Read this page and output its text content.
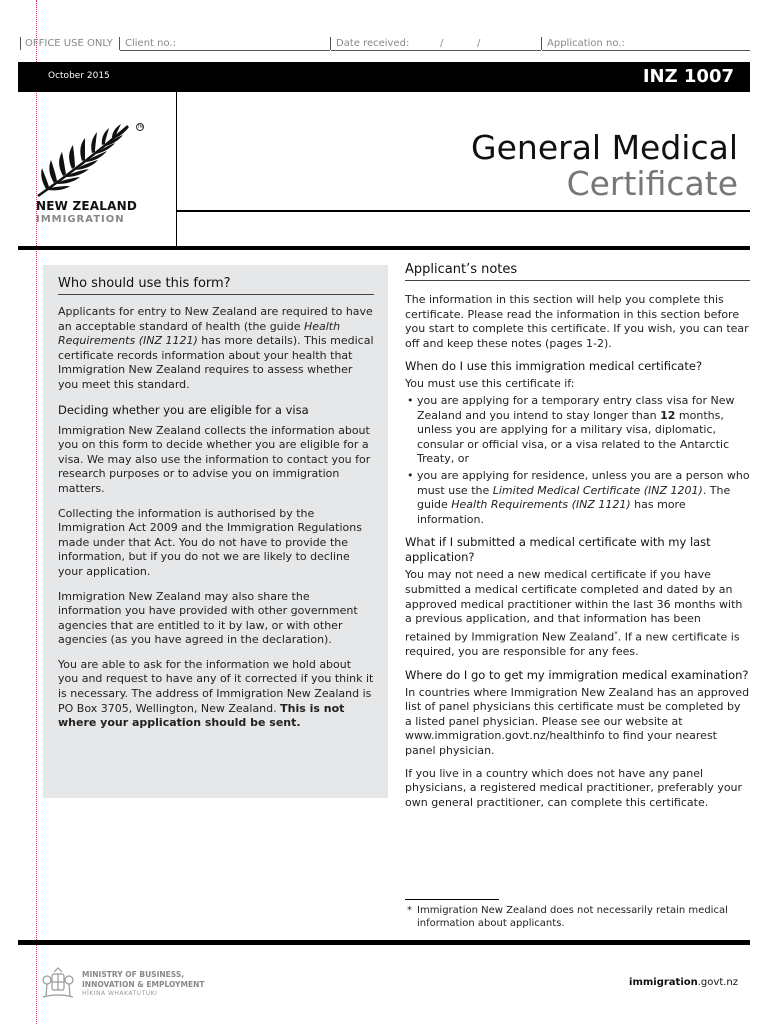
OFFICE USE ONLY Client no.:	Date received:	/	/	Application no.:
October 2015	INZ 1007
TM
NEW ZEALAND
IMMIGRATION
General Medical
Certificate
Who should use this form?

Applicants for entry to New Zealand are required to have an acceptable standard of health (the guide Health Requirements (INZ 1121) has more details). This medical certificate records information about your health that Immigration New Zealand requires to assess whether you meet this standard.

Deciding whether you are eligible for a visa

Immigration New Zealand collects the information about you on this form to decide whether you are eligible for a visa. We may also use the information to contact you for research purposes or to advise you on immigration matters.

Collecting the information is authorised by the Immigration Act 2009 and the Immigration Regulations made under that Act. You do not have to provide the information, but if you do not we are likely to decline your application.

Immigration New Zealand may also share the information you have provided with other government agencies that are entitled to it by law, or with other agencies (as you have agreed in the declaration).

You are able to ask for the information we hold about you and request to have any of it corrected if you think it is necessary. The address of Immigration New Zealand is PO Box 3705, Wellington, New Zealand. This is not where your application should be sent.

Applicant’s notes

The information in this section will help you complete this certificate. Please read the information in this section before you start to complete this certificate. If you wish, you can tear off and keep these notes (pages 1-2).

When do I use this immigration medical certificate?

You must use this certificate if:

• you are applying for a temporary entry class visa for New Zealand and you intend to stay longer than 12 months, unless you are applying for a military visa, diplomatic, consular or official visa, or a visa related to the Antarctic Treaty, or
• you are applying for residence, unless you are a person who must use the Limited Medical Certificate (INZ 1201). The guide Health Requirements (INZ 1121) has more information.
What if I submitted a medical certificate with my last application?

You may not need a new medical certificate if you have submitted a medical certificate completed and dated by an approved medical practitioner within the last 36 months with a previous application, and that information has been retained by Immigration New Zealand*. If a new certificate is required, you are responsible for any fees.

Where do I go to get my immigration medical examination?

In countries where Immigration New Zealand has an approved list of panel physicians this certificate must be completed by a listed panel physician. Please see our website at www.immigration.govt.nz/healthinfo to find your nearest panel physician.

If you live in a country which does not have any panel physicians, a registered medical practitioner, preferably your own general practitioner, can complete this certificate.

* Immigration New Zealand does not necessarily retain medical information about applicants.
MINISTRY OF BUSINESS,
INNOVATION & EMPLOYMENT
HĪKINA WHAKATUTUKI
immigration.govt.nz
